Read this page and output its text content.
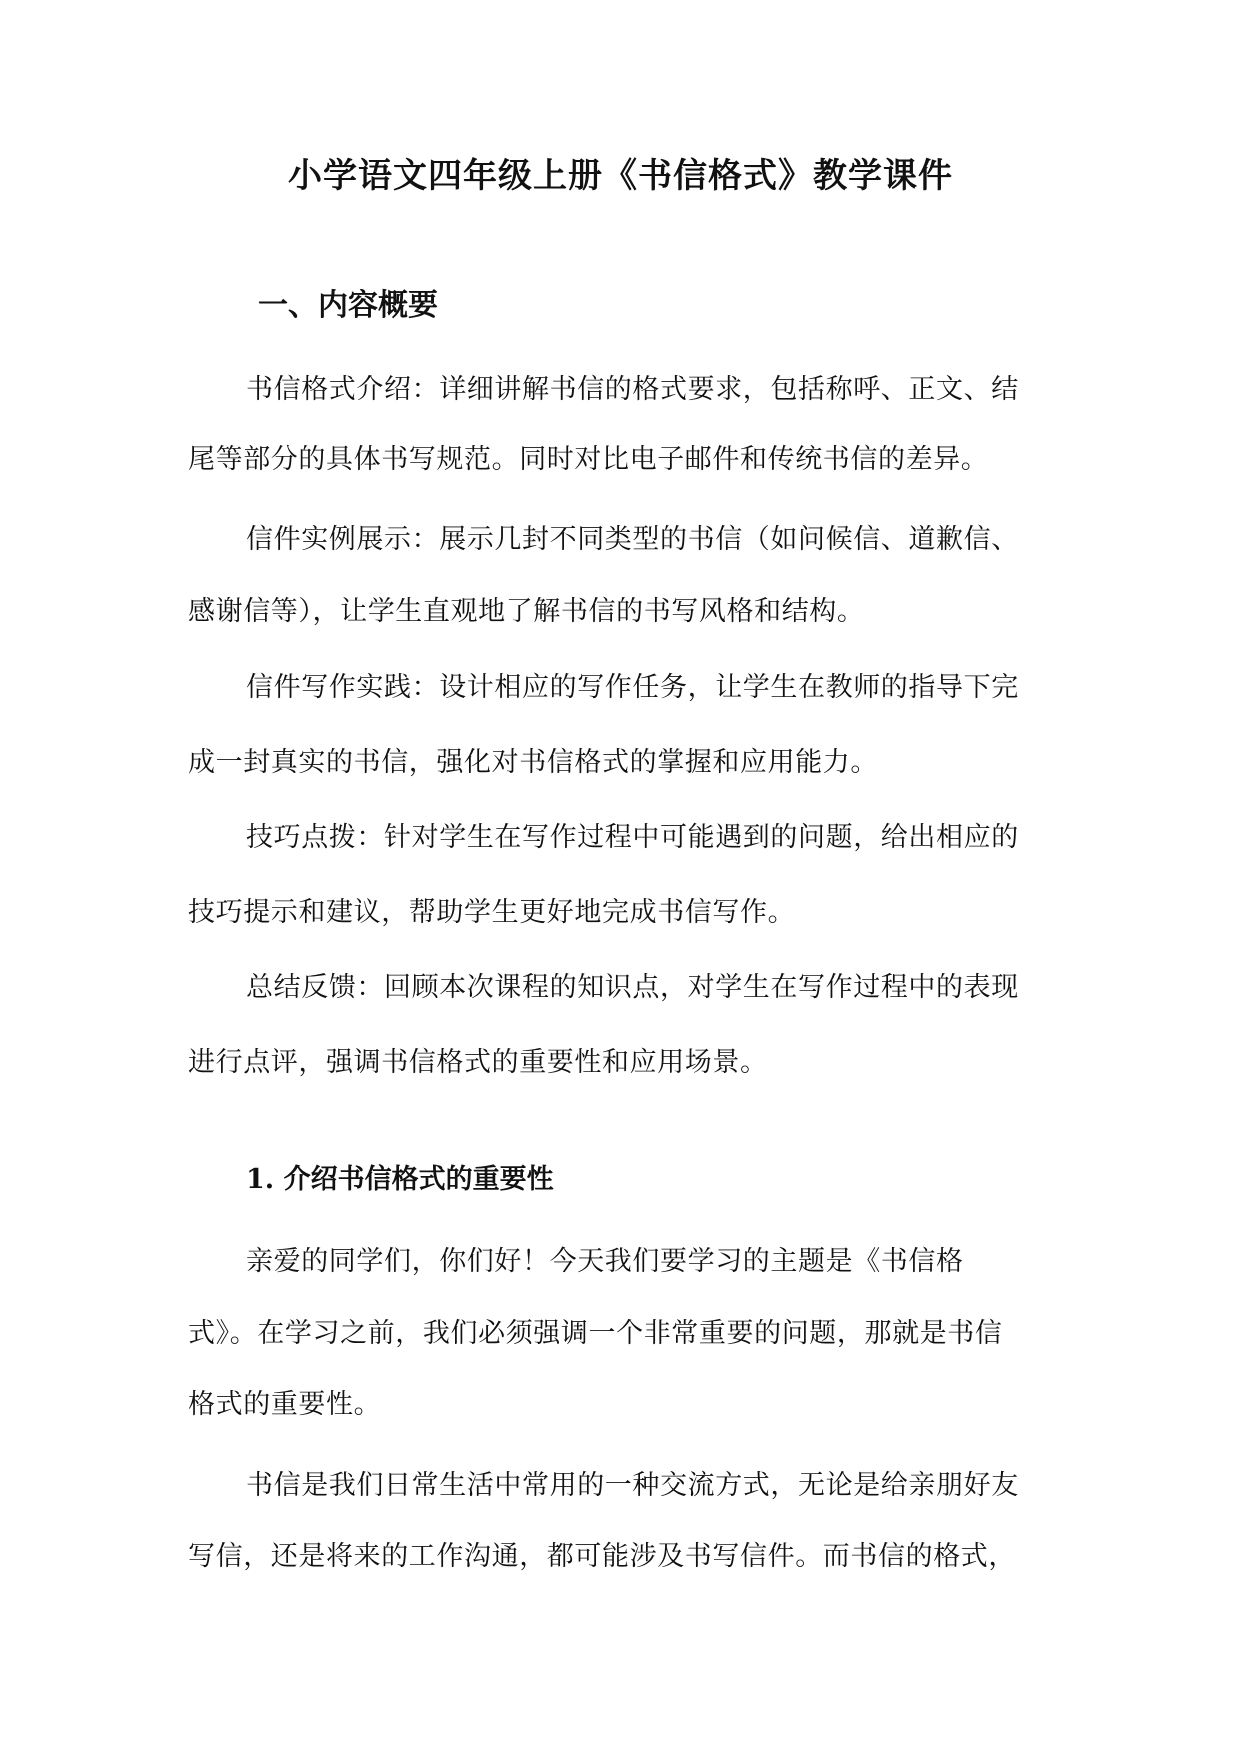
小学语文四年级上册《书信格式》教学课件
一、内容概要
书信格式介绍：详细讲解书信的格式要求，包括称呼、正文、结
尾等部分的具体书写规范。同时对比电子邮件和传统书信的差异。
信件实例展示：展示几封不同类型的书信（如问候信、道歉信、
感谢信等），让学生直观地了解书信的书写风格和结构。
信件写作实践：设计相应的写作任务，让学生在教师的指导下完
成一封真实的书信，强化对书信格式的掌握和应用能力。
技巧点拨：针对学生在写作过程中可能遇到的问题，给出相应的
技巧提示和建议，帮助学生更好地完成书信写作。
总结反馈：回顾本次课程的知识点，对学生在写作过程中的表现
进行点评，强调书信格式的重要性和应用场景。
1. 介绍书信格式的重要性
亲爱的同学们，你们好！今天我们要学习的主题是《书信格
式》。在学习之前，我们必须强调一个非常重要的问题，那就是书信
格式的重要性。
书信是我们日常生活中常用的一种交流方式，无论是给亲朋好友
写信，还是将来的工作沟通，都可能涉及书写信件。而书信的格式，
